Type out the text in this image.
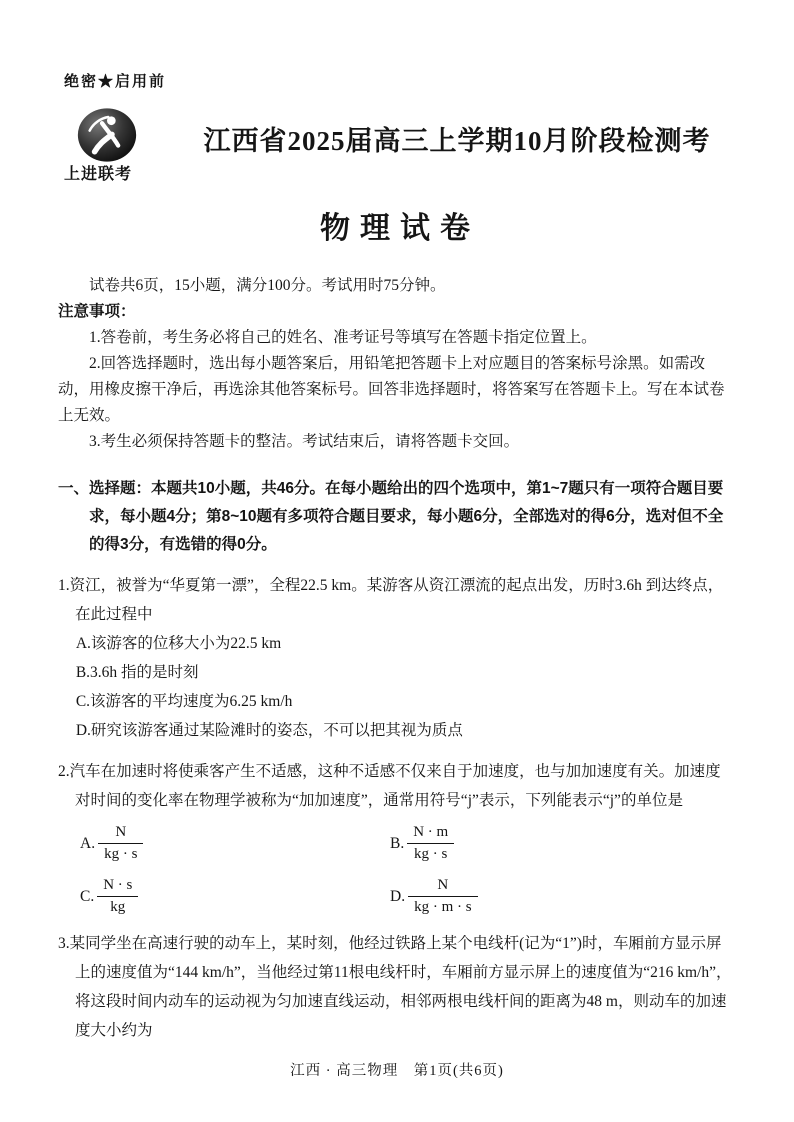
绝密★启用前
上进联考
江西省2025届高三上学期10月阶段检测考
物理试卷

试卷共6页，15小题，满分100分。考试用时75分钟。

注意事项：

1.答卷前，考生务必将自己的姓名、准考证号等填写在答题卡指定位置上。

2.回答选择题时，选出每小题答案后，用铅笔把答题卡上对应题目的答案标号涂黑。如需改动，用橡皮擦干净后，再选涂其他答案标号。回答非选择题时，将答案写在答题卡上。写在本试卷上无效。

3.考生必须保持答题卡的整洁。考试结束后，请将答题卡交回。

一、选择题：本题共10小题，共46分。在每小题给出的四个选项中，第1~7题只有一项符合题目要求，每小题4分；第8~10题有多项符合题目要求，每小题6分，全部选对的得6分，选对但不全的得3分，有选错的得0分。

1.资江，被誉为“华夏第一漂”，全程22.5 km。某游客从资江漂流的起点出发，历时3.6h 到达终点，在此过程中

A.该游客的位移大小为22.5 km

B.3.6h 指的是时刻

C.该游客的平均速度为6.25 km/h

D.研究该游客通过某险滩时的姿态，不可以把其视为质点

2.汽车在加速时将使乘客产生不适感，这种不适感不仅来自于加速度，也与加加速度有关。加速度对时间的变化率在物理学被称为“加加速度”，通常用符号“j”表示，下列能表示“j”的单位是

A. $\frac{N}{kg \cdot s}$	B. $\frac{N \cdot m}{kg \cdot s}$
C. $\frac{N \cdot s}{kg}$	D. $\frac{N}{kg \cdot m \cdot s}$

3.某同学坐在高速行驶的动车上，某时刻，他经过铁路上某个电线杆(记为“1”)时，车厢前方显示屏上的速度值为“144 km/h”，当他经过第11根电线杆时，车厢前方显示屏上的速度值为“216 km/h”，将这段时间内动车的运动视为匀加速直线运动，相邻两根电线杆间的距离为48 m，则动车的加速度大小约为

江西 · 高三物理　第1页(共6页)
